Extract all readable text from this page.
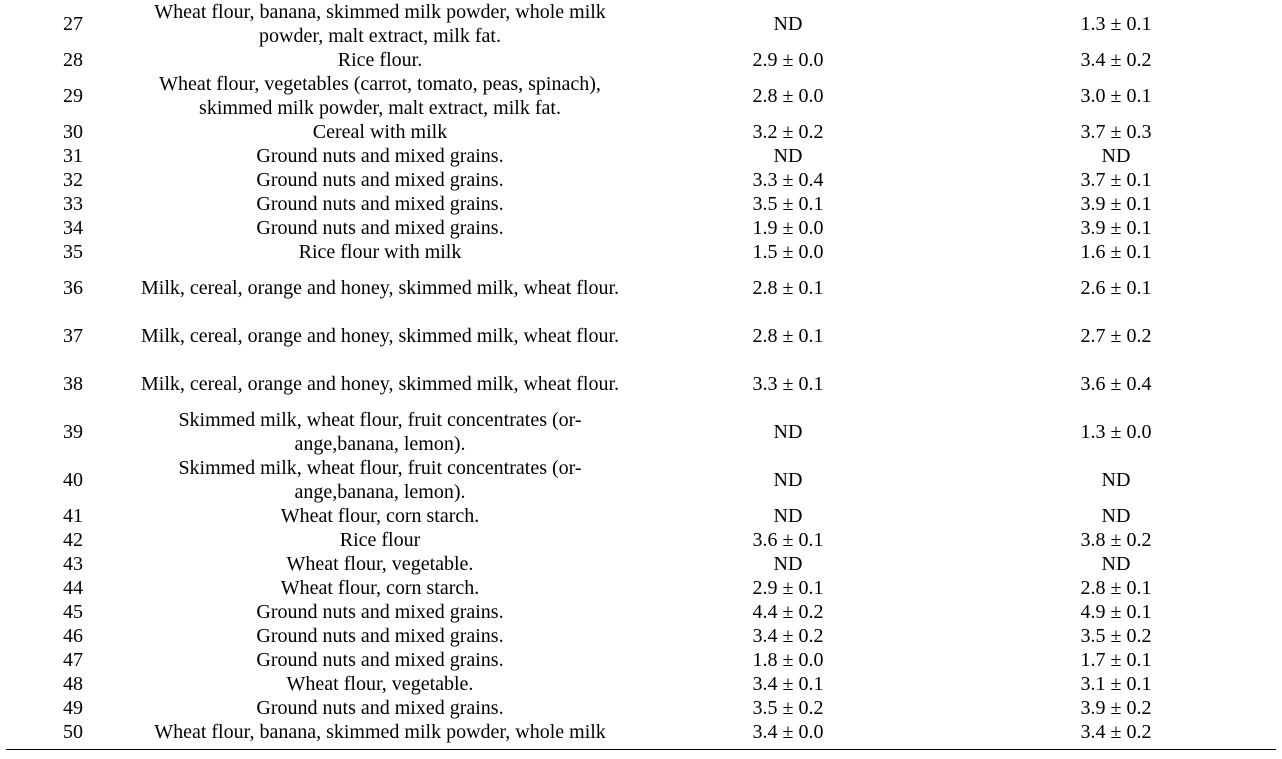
27	Wheat flour, banana, skimmed milk powder, whole milk powder, malt extract, milk fat.	ND	1.3 ± 0.1
28	Rice flour.	2.9 ± 0.0	3.4 ± 0.2
29	Wheat flour, vegetables (carrot, tomato, peas, spinach), skimmed milk powder, malt extract, milk fat.	2.8 ± 0.0	3.0 ± 0.1
30	Cereal with milk	3.2 ± 0.2	3.7 ± 0.3
31	Ground nuts and mixed grains.	ND	ND
32	Ground nuts and mixed grains.	3.3 ± 0.4	3.7 ± 0.1
33	Ground nuts and mixed grains.	3.5 ± 0.1	3.9 ± 0.1
34	Ground nuts and mixed grains.	1.9 ± 0.0	3.9 ± 0.1
35	Rice flour with milk	1.5 ± 0.0	1.6 ± 0.1
36	Milk, cereal, orange and honey, skimmed milk, wheat flour.	2.8 ± 0.1	2.6 ± 0.1
37	Milk, cereal, orange and honey, skimmed milk, wheat flour.	2.8 ± 0.1	2.7 ± 0.2
38	Milk, cereal, orange and honey, skimmed milk, wheat flour.	3.3 ± 0.1	3.6 ± 0.4
39	Skimmed milk, wheat flour, fruit concentrates (or-ange,banana, lemon).	ND	1.3 ± 0.0
40	Skimmed milk, wheat flour, fruit concentrates (or-ange,banana, lemon).	ND	ND
41	Wheat flour, corn starch.	ND	ND
42	Rice flour	3.6 ± 0.1	3.8 ± 0.2
43	Wheat flour, vegetable.	ND	ND
44	Wheat flour, corn starch.	2.9 ± 0.1	2.8 ± 0.1
45	Ground nuts and mixed grains.	4.4 ± 0.2	4.9 ± 0.1
46	Ground nuts and mixed grains.	3.4 ± 0.2	3.5 ± 0.2
47	Ground nuts and mixed grains.	1.8 ± 0.0	1.7 ± 0.1
48	Wheat flour, vegetable.	3.4 ± 0.1	3.1 ± 0.1
49	Ground nuts and mixed grains.	3.5 ± 0.2	3.9 ± 0.2
50	Wheat flour, banana, skimmed milk powder, whole milk	3.4 ± 0.0	3.4 ± 0.2
